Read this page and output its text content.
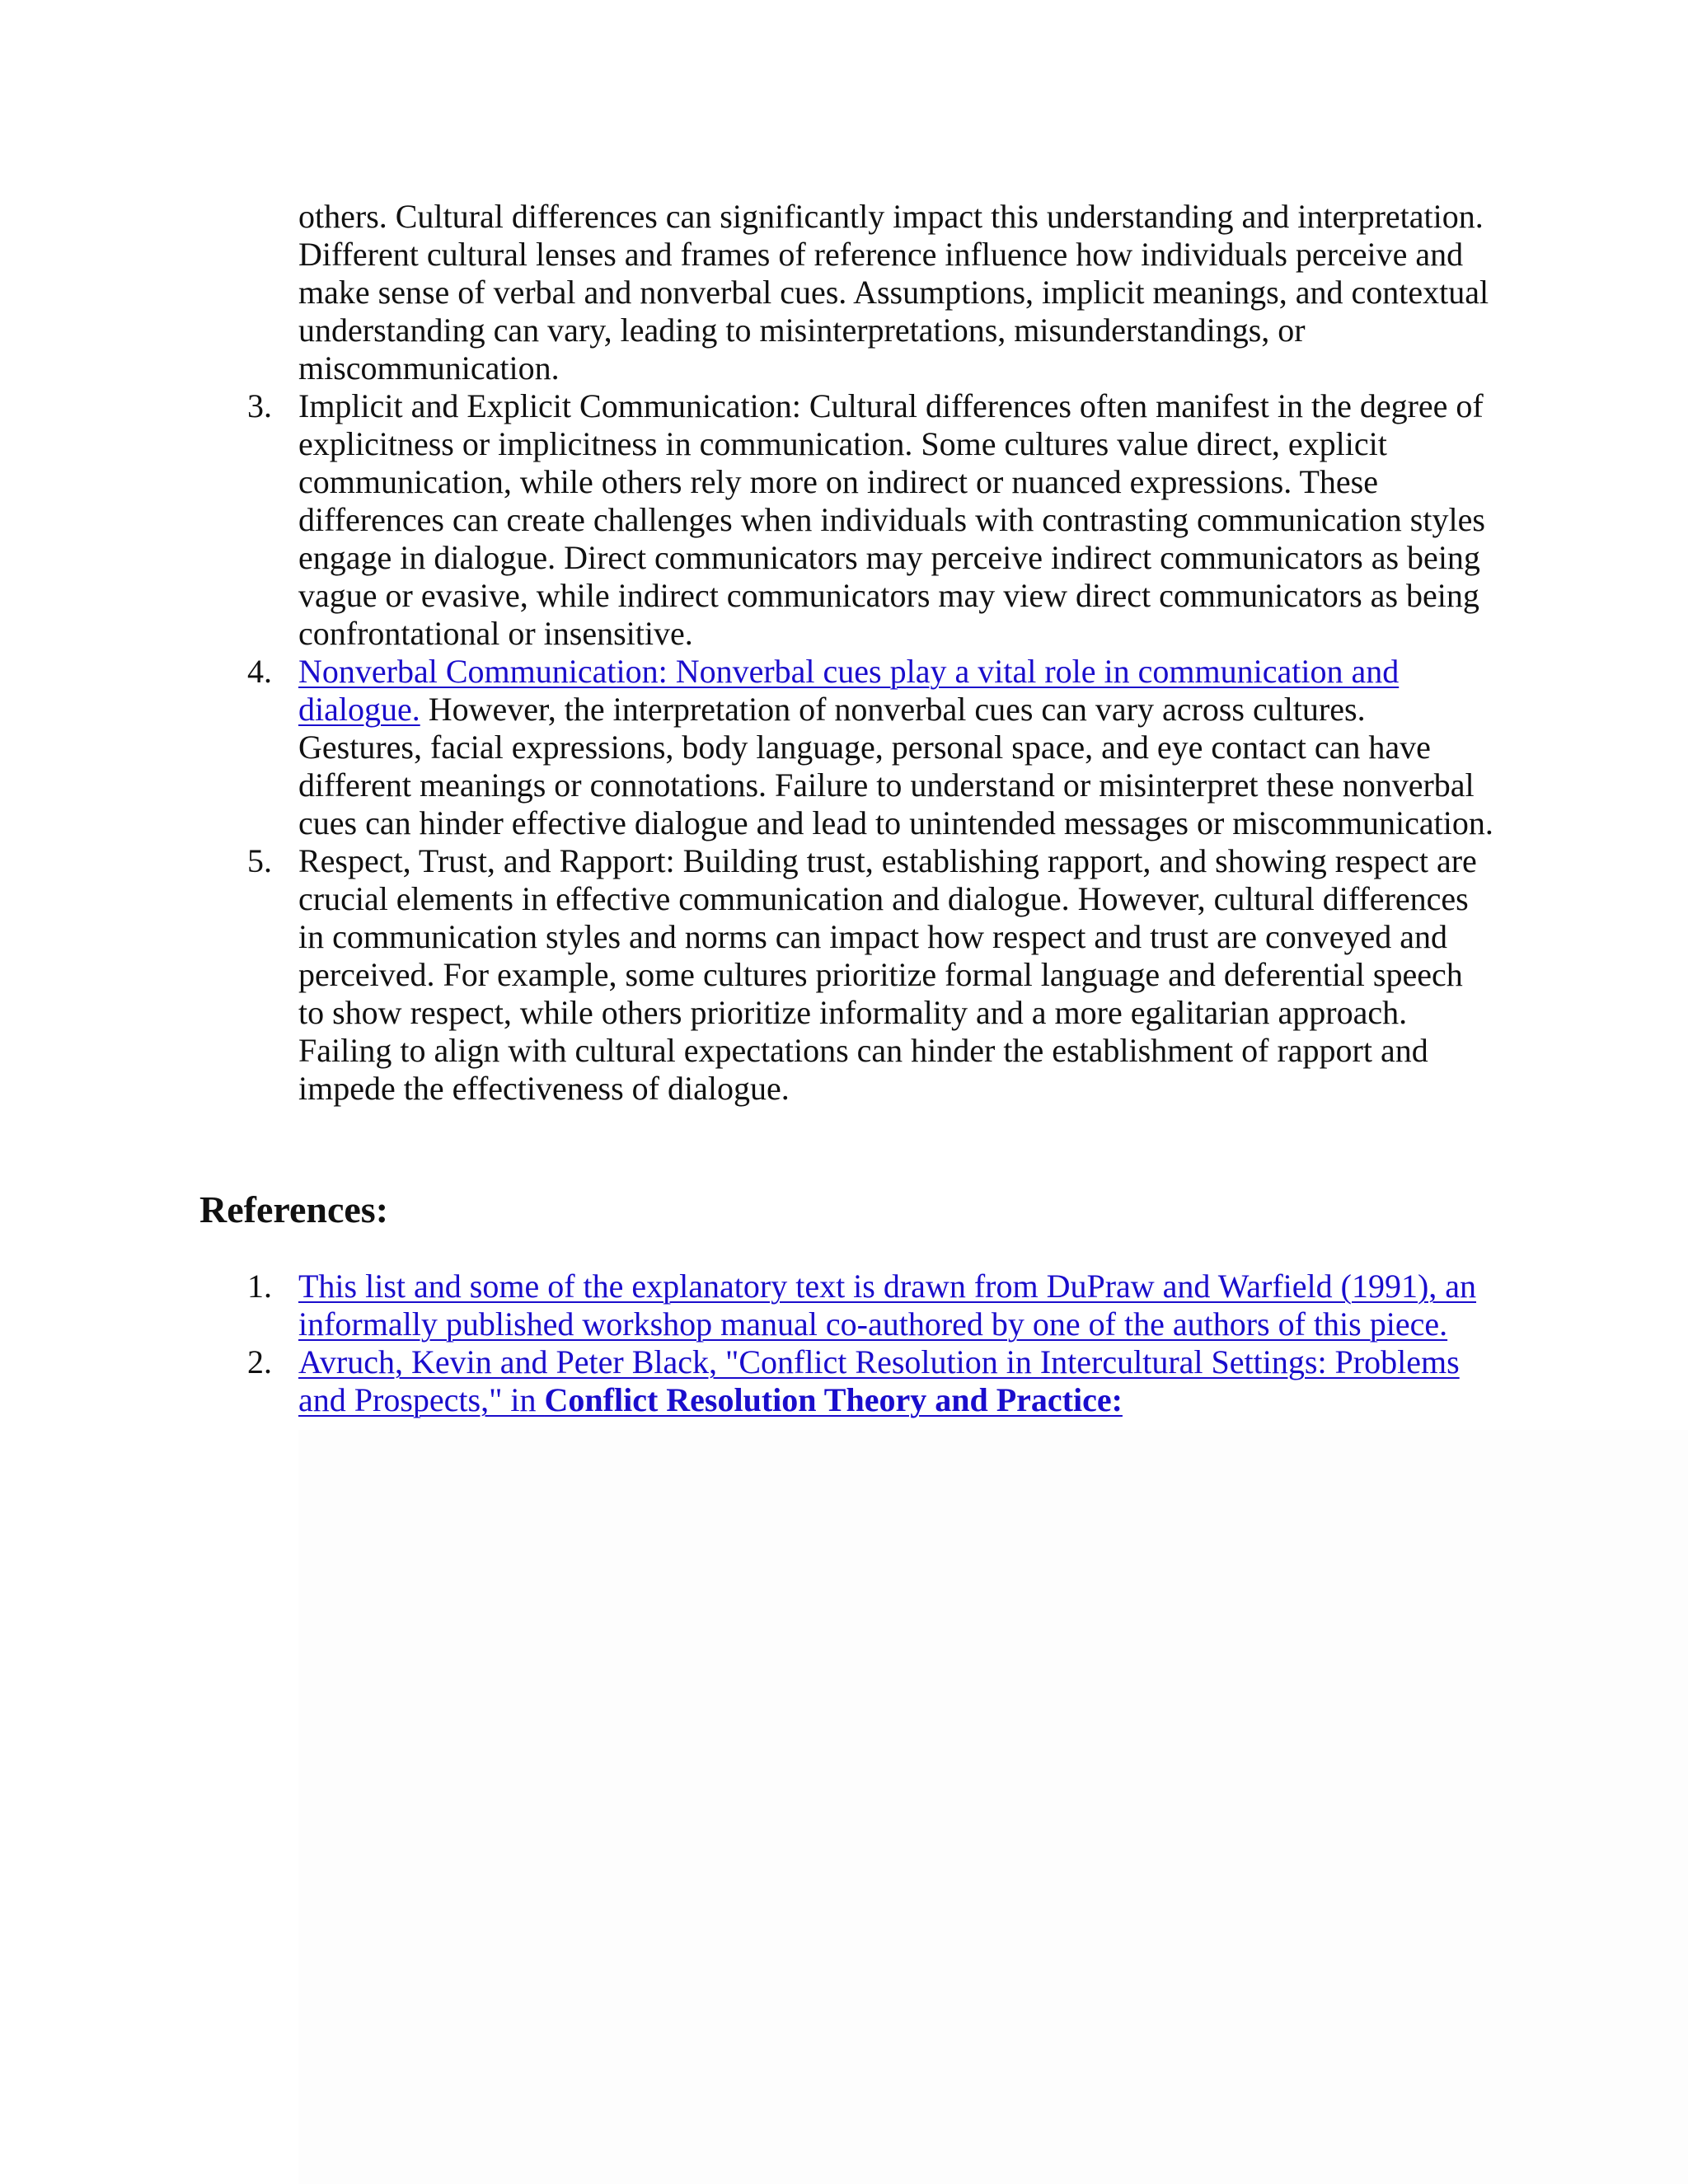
others. Cultural differences can significantly impact this understanding and interpretation. Different cultural lenses and frames of reference influence how individuals perceive and make sense of verbal and nonverbal cues. Assumptions, implicit meanings, and contextual understanding can vary, leading to misinterpretations, misunderstandings, or miscommunication.

3. Implicit and Explicit Communication: Cultural differences often manifest in the degree of explicitness or implicitness in communication. Some cultures value direct, explicit communication, while others rely more on indirect or nuanced expressions. These differences can create challenges when individuals with contrasting communication styles engage in dialogue. Direct communicators may perceive indirect communicators as being vague or evasive, while indirect communicators may view direct communicators as being confrontational or insensitive.
4. Nonverbal Communication: Nonverbal cues play a vital role in communication and dialogue. However, the interpretation of nonverbal cues can vary across cultures. Gestures, facial expressions, body language, personal space, and eye contact can have different meanings or connotations. Failure to understand or misinterpret these nonverbal cues can hinder effective dialogue and lead to unintended messages or miscommunication.
5. Respect, Trust, and Rapport: Building trust, establishing rapport, and showing respect are crucial elements in effective communication and dialogue. However, cultural differences in communication styles and norms can impact how respect and trust are conveyed and perceived. For example, some cultures prioritize formal language and deferential speech to show respect, while others prioritize informality and a more egalitarian approach. Failing to align with cultural expectations can hinder the establishment of rapport and impede the effectiveness of dialogue.
References:
1. This list and some of the explanatory text is drawn from DuPraw and Warfield (1991), an informally published workshop manual co-authored by one of the authors of this piece.
2. Avruch, Kevin and Peter Black, "Conflict Resolution in Intercultural Settings: Problems and Prospects," in Conflict Resolution Theory and Practice:
